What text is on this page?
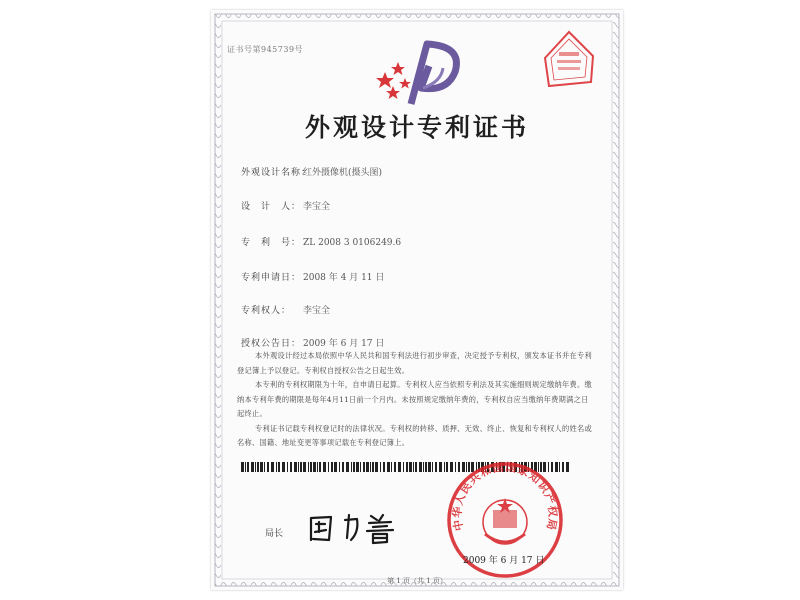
证书号第945739号
外观设计专利证书
外观设计名称：红外摄像机(摄头图)
设　计　人： 李宝全
专　利　号： ZL 2008 3 0106249.6
专利申请日： 2008 年 4 月 11 日
专利权人： 李宝全
授权公告日： 2009 年 6 月 17 日

本外观设计经过本局依照中华人民共和国专利法进行初步审查，决定授予专利权，颁发本证书并在专利登记簿上予以登记。专利权自授权公告之日起生效。

本专利的专利权期限为十年，自申请日起算。专利权人应当依照专利法及其实施细则规定缴纳年费。缴纳本专利年费的期限是每年4月11日前一个月内。未按照规定缴纳年费的，专利权自应当缴纳年费期满之日起终止。

专利证书记载专利权登记时的法律状况。专利权的转移、质押、无效、终止、恢复和专利权人的姓名或名称、国籍、地址变更等事项记载在专利登记簿上。

局长
中华人民共和国国家知识产权局
2009 年 6 月 17 日
第 1 页（共 1 页）
